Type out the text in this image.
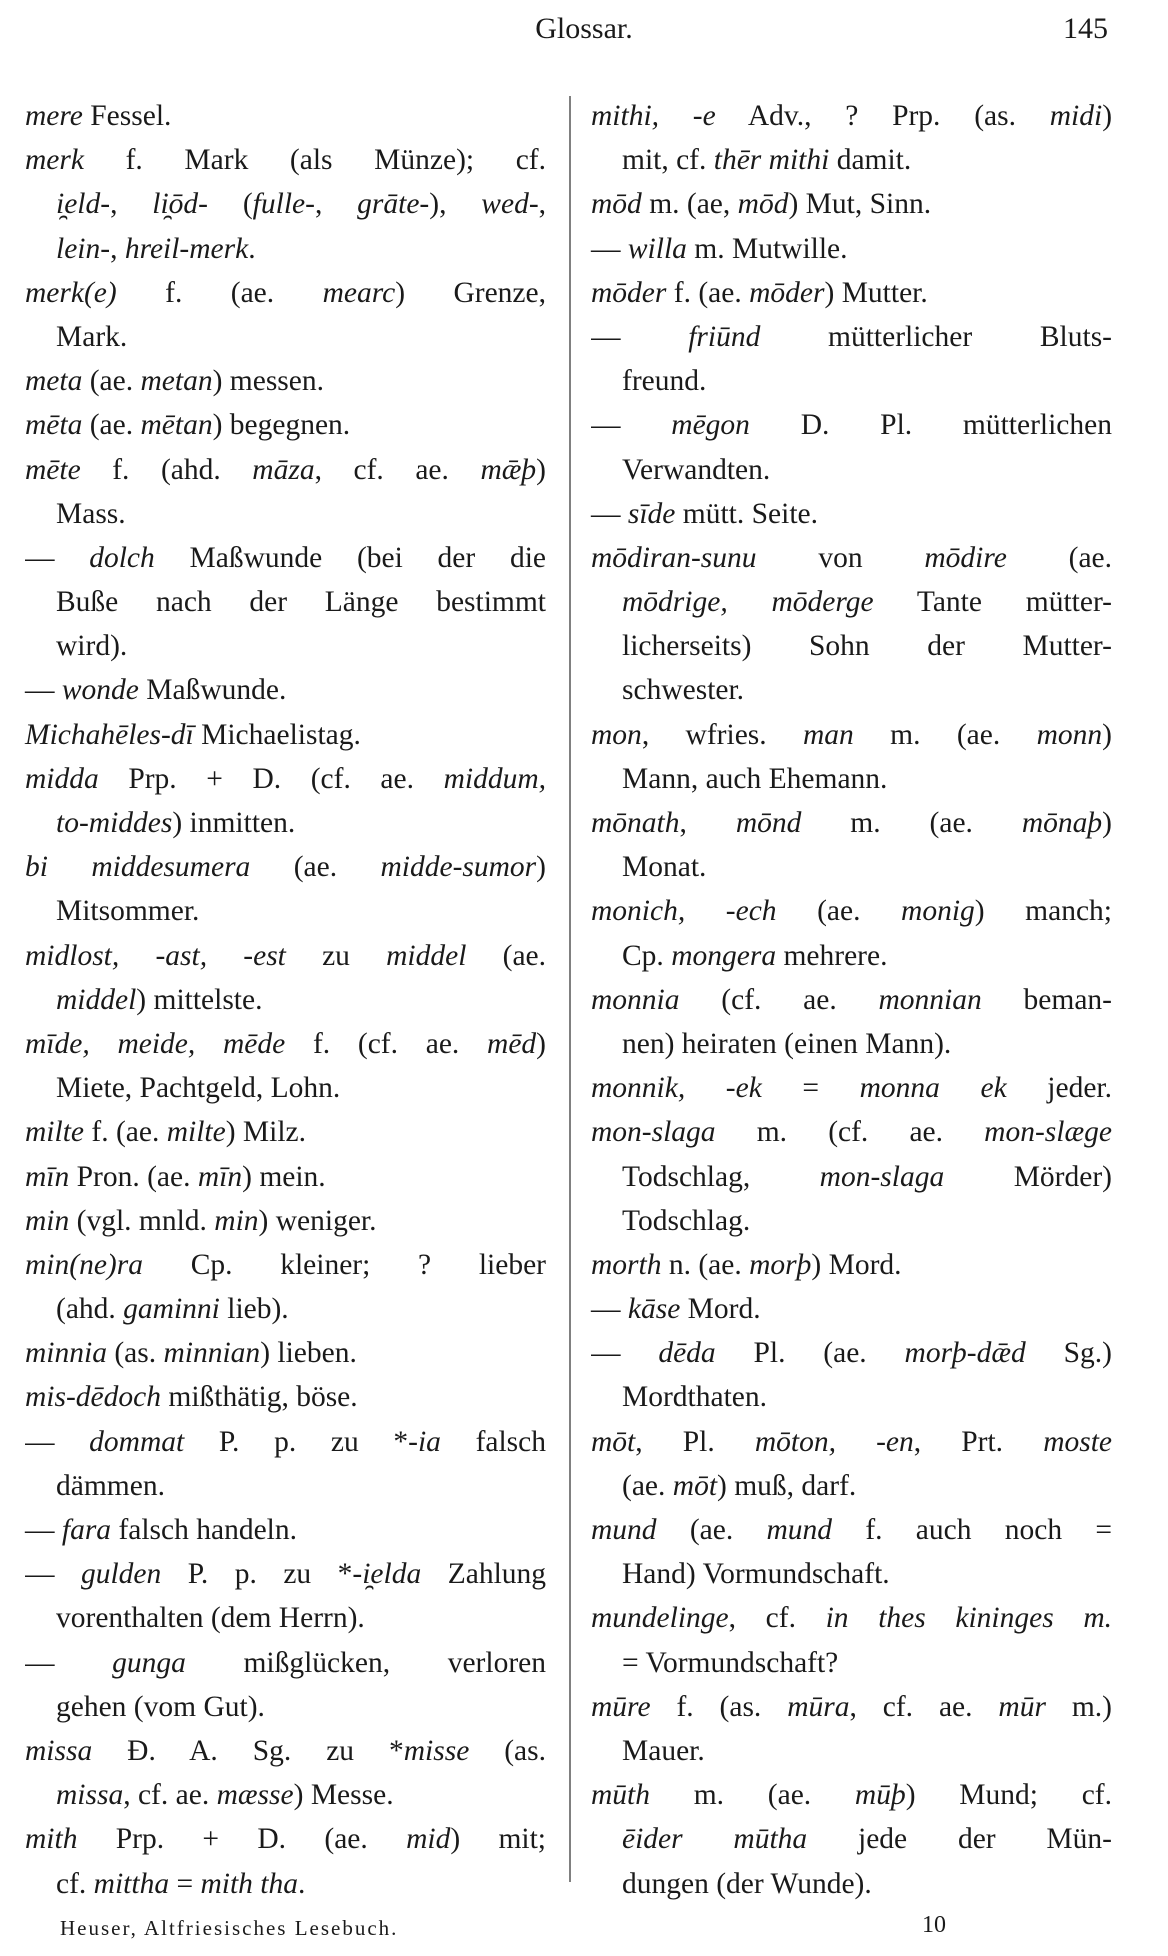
Glossar.	145
mere Fessel.
merk f. Mark (als Münze); cf.
i̯eld-, li̯ōd- (fulle-, grāte-), wed-,
lein-, hreil-merk.
merk(e) f. (ae. mearc) Grenze,
Mark.
meta (ae. metan) messen.
mēta (ae. mētan) begegnen.
mēte f. (ahd. māza, cf. ae. mǣþ)
Mass.
— dolch Maßwunde (bei der die
Buße nach der Länge bestimmt
wird).
— wonde Maßwunde.
Michahēles-dī Michaelistag.
midda Prp. + D. (cf. ae. middum,
to-middes) inmitten.
bi middesumera (ae. midde-sumor)
Mitsommer.
midlost, -ast, -est zu middel (ae.
middel) mittelste.
mīde, meide, mēde f. (cf. ae. mēd)
Miete, Pachtgeld, Lohn.
milte f. (ae. milte) Milz.
mīn Pron. (ae. mīn) mein.
min (vgl. mnld. min) weniger.
min(ne)ra Cp. kleiner; ? lieber
(ahd. gaminni lieb).
minnia (as. minnian) lieben.
mis-dēdoch mißthätig, böse.
— dommat P. p. zu *-ia falsch
dämmen.
— fara falsch handeln.
— gulden P. p. zu *-i̯elda Zahlung
vorenthalten (dem Herrn).
— gunga mißglücken, verloren
gehen (vom Gut).
missa Đ. A. Sg. zu *misse (as.
missa, cf. ae. mæsse) Messe.
mith Prp. + D. (ae. mid) mit;
cf. mittha = mith tha.
mithi, -e Adv., ? Prp. (as. midi)
mit, cf. thēr mithi damit.
mōd m. (ae, mōd) Mut, Sinn.
— willa m. Mutwille.
mōder f. (ae. mōder) Mutter.
— friūnd mütterlicher Bluts-
freund.
— mēgon D. Pl. mütterlichen
Verwandten.
— sīde mütt. Seite.
mōdiran-sunu von mōdire (ae.
mōdrige, mōderge Tante mütter-
licherseits) Sohn der Mutter-
schwester.
mon, wfries. man m. (ae. monn)
Mann, auch Ehemann.
mōnath, mōnd m. (ae. mōnaþ)
Monat.
monich, -ech (ae. monig) manch;
Cp. mongera mehrere.
monnia (cf. ae. monnian beman-
nen) heiraten (einen Mann).
monnik, -ek = monna ek jeder.
mon-slaga m. (cf. ae. mon-slæge
Todschlag, mon-slaga Mörder)
Todschlag.
morth n. (ae. morþ) Mord.
— kāse Mord.
— dēda Pl. (ae. morþ-dǣd Sg.)
Mordthaten.
mōt, Pl. mōton, -en, Prt. moste
(ae. mōt) muß, darf.
mund (ae. mund f. auch noch =
Hand) Vormundschaft.
mundelinge, cf. in thes kininges m.
= Vormundschaft?
mūre f. (as. mūra, cf. ae. mūr m.)
Mauer.
mūth m. (ae. mūþ) Mund; cf.
ēider mūtha jede der Mün-
dungen (der Wunde).
Heuser, Altfriesisches Lesebuch.	10
